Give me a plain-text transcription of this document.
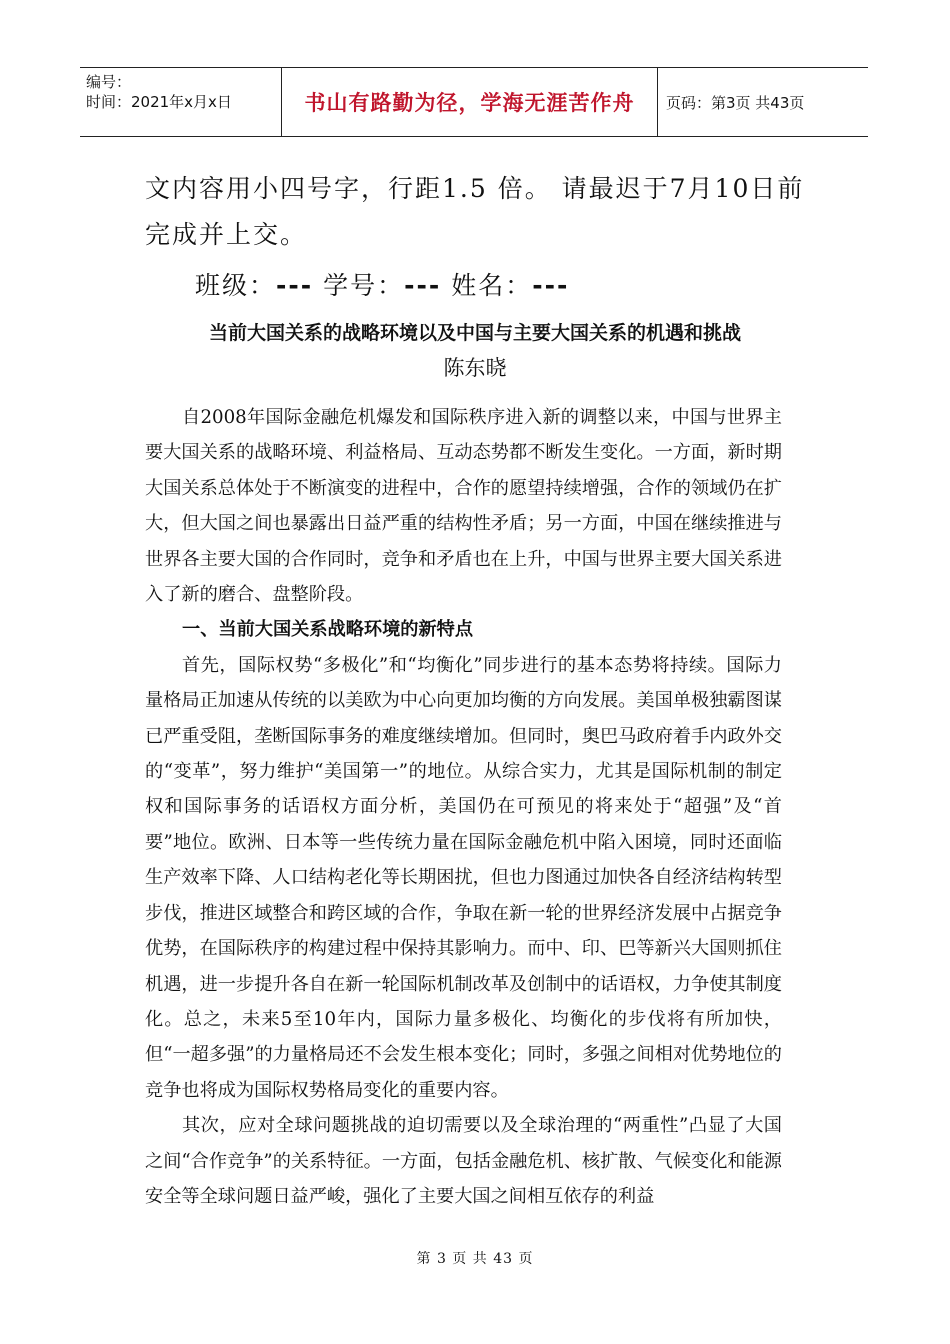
编号：
时间：2021年x月x日	书山有路勤为径，学海无涯苦作舟	页码：第3页 共43页

文内容用小四号字，行距1.5 倍。 请最迟于7月10日前

完成并上交。

班级：--- 学号：--- 姓名：---
当前大国关系的战略环境以及中国与主要大国关系的机遇和挑战
陈东晓

自2008年国际金融危机爆发和国际秩序进入新的调整以来，中国与世界主要大国关系的战略环境、利益格局、互动态势都不断发生变化。一方面，新时期大国关系总体处于不断演变的进程中，合作的愿望持续增强，合作的领域仍在扩大，但大国之间也暴露出日益严重的结构性矛盾；另一方面，中国在继续推进与世界各主要大国的合作同时，竞争和矛盾也在上升，中国与世界主要大国关系进入了新的磨合、盘整阶段。

一、当前大国关系战略环境的新特点

首先，国际权势“多极化”和“均衡化”同步进行的基本态势将持续。国际力量格局正加速从传统的以美欧为中心向更加均衡的方向发展。美国单极独霸图谋已严重受阻，垄断国际事务的难度继续增加。但同时，奥巴马政府着手内政外交的“变革”，努力维护“美国第一”的地位。从综合实力，尤其是国际机制的制定权和国际事务的话语权方面分析，美国仍在可预见的将来处于“超强”及“首要”地位。欧洲、日本等一些传统力量在国际金融危机中陷入困境，同时还面临生产效率下降、人口结构老化等长期困扰，但也力图通过加快各自经济结构转型步伐，推进区域整合和跨区域的合作，争取在新一轮的世界经济发展中占据竞争优势，在国际秩序的构建过程中保持其影响力。而中、印、巴等新兴大国则抓住机遇，进一步提升各自在新一轮国际机制改革及创制中的话语权，力争使其制度化。总之，未来5至10年内，国际力量多极化、均衡化的步伐将有所加快，但“一超多强”的力量格局还不会发生根本变化；同时，多强之间相对优势地位的竞争也将成为国际权势格局变化的重要内容。

其次，应对全球问题挑战的迫切需要以及全球治理的“两重性”凸显了大国之间“合作竞争”的关系特征。一方面，包括金融危机、核扩散、气候变化和能源安全等全球问题日益严峻，强化了主要大国之间相互依存的利益

第 3 页 共 43 页
